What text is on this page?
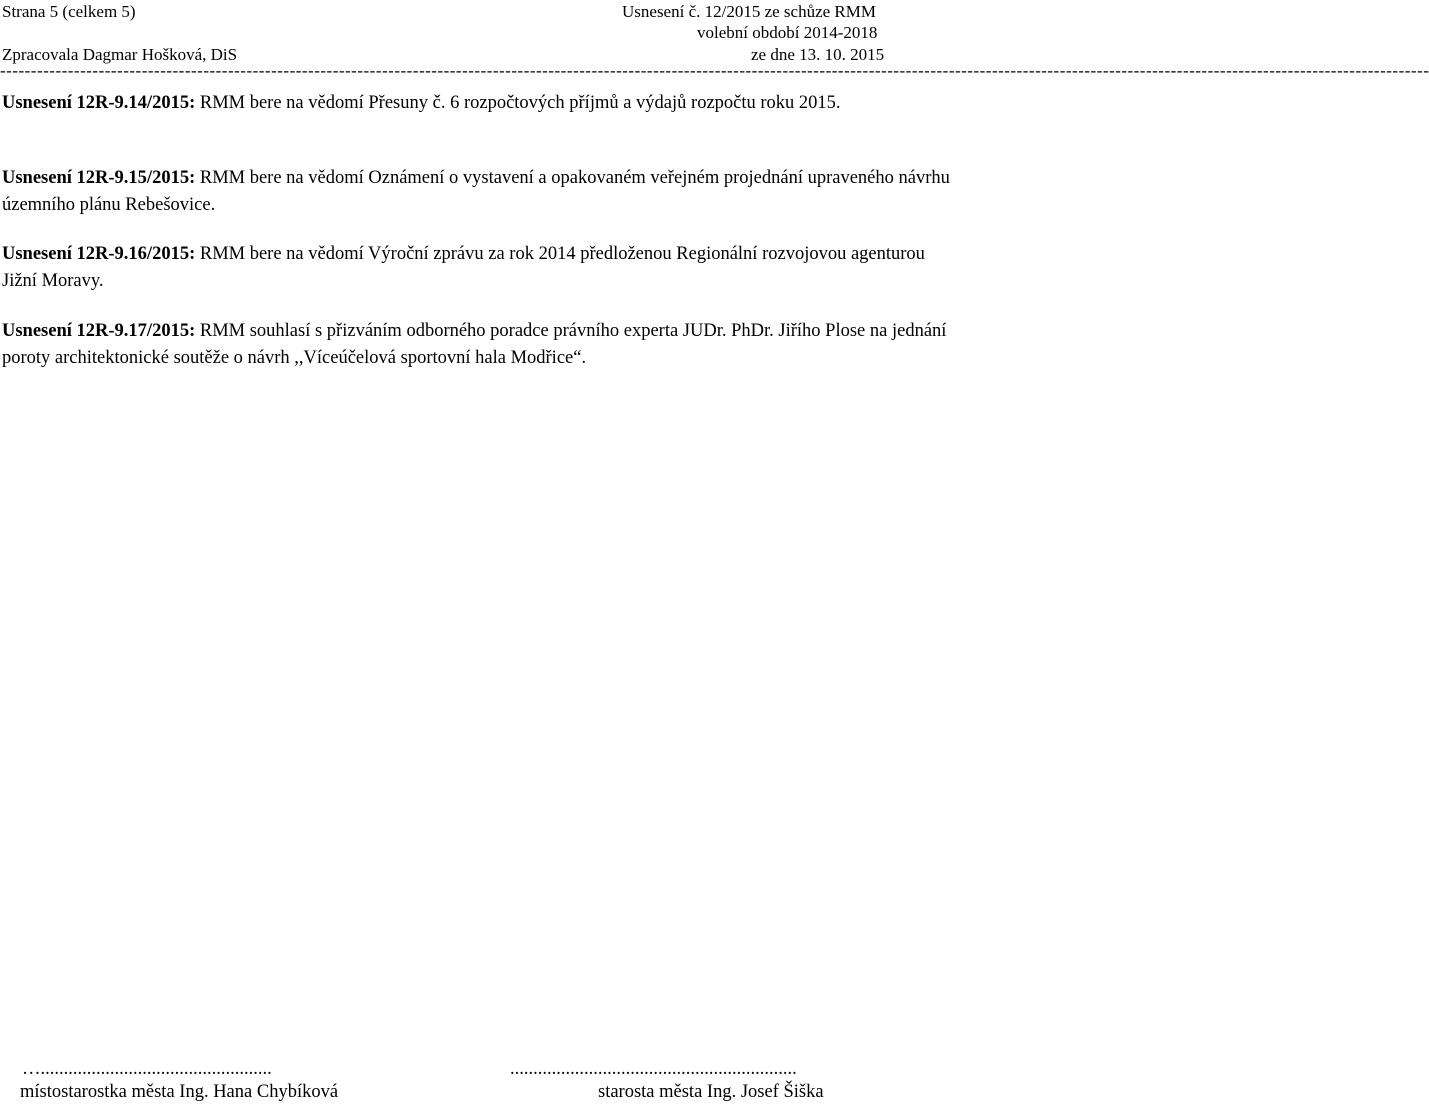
Strana 5 (celkem 5)
Zpracovala Dagmar Hošková, DiS
Usnesení č. 12/2015 ze schůze RMM
volební období 2014-2018
ze dne 13. 10. 2015
----------------------------------------------------------------------------------------------------------------------------------------------------------------------------------------------------------------------------------------
Usnesení 12R-9.14/2015: RMM bere na vědomí Přesuny č. 6 rozpočtových příjmů a výdajů rozpočtu roku 2015.
Usnesení 12R-9.15/2015: RMM bere na vědomí Oznámení o vystavení a opakovaném veřejném projednání upraveného návrhu územního plánu Rebešovice.
Usnesení 12R-9.16/2015: RMM bere na vědomí Výroční zprávu za rok 2014 předloženou Regionální rozvojovou agenturou Jižní Moravy.
Usnesení 12R-9.17/2015: RMM souhlasí s přizváním odborného poradce právního experta JUDr. PhDr. Jiřího Plose na jednání poroty architektonické soutěže o návrh ,,Víceúčelová sportovní hala Modřice“.
…..................................................
místostarostka města Ing. Hana Chybíková
..............................................................
starosta města Ing. Josef Šiška
